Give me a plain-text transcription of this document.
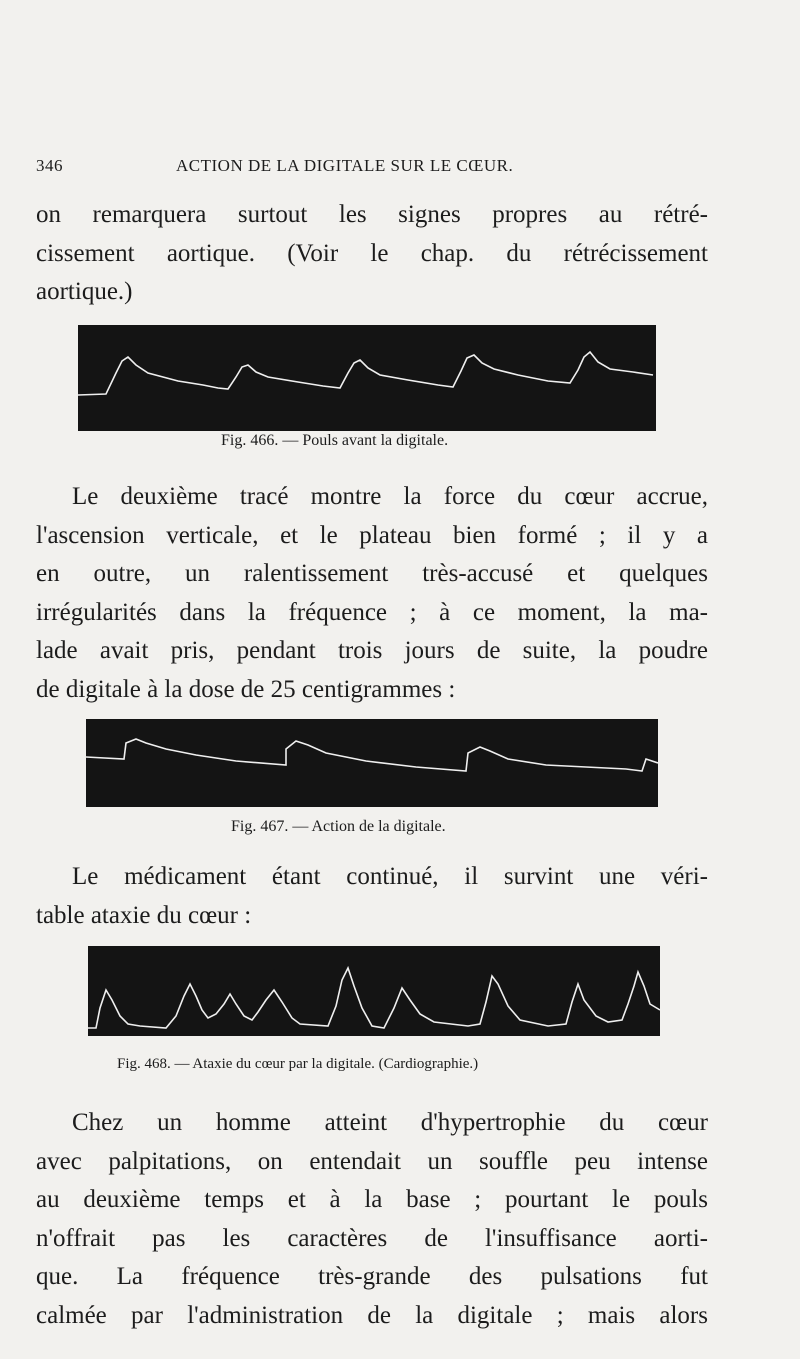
346	ACTION DE LA DIGITALE SUR LE CŒUR.
on remarquera surtout les signes propres au rétré-
cissement aortique. (Voir le chap. du rétrécissement
aortique.)
Fig. 466. — Pouls avant la digitale.
Le deuxième tracé montre la force du cœur accrue,
l'ascension verticale, et le plateau bien formé ; il y a
en outre, un ralentissement très-accusé et quelques
irrégularités dans la fréquence ; à ce moment, la ma-
lade avait pris, pendant trois jours de suite, la poudre
de digitale à la dose de 25 centigrammes :
Fig. 467. — Action de la digitale.
Le médicament étant continué, il survint une véri-
table ataxie du cœur :
Fig. 468. — Ataxie du cœur par la digitale. (Cardiographie.)
Chez un homme atteint d'hypertrophie du cœur
avec palpitations, on entendait un souffle peu intense
au deuxième temps et à la base ; pourtant le pouls
n'offrait pas les caractères de l'insuffisance aorti-
que. La fréquence très-grande des pulsations fut
calmée par l'administration de la digitale ; mais alors
